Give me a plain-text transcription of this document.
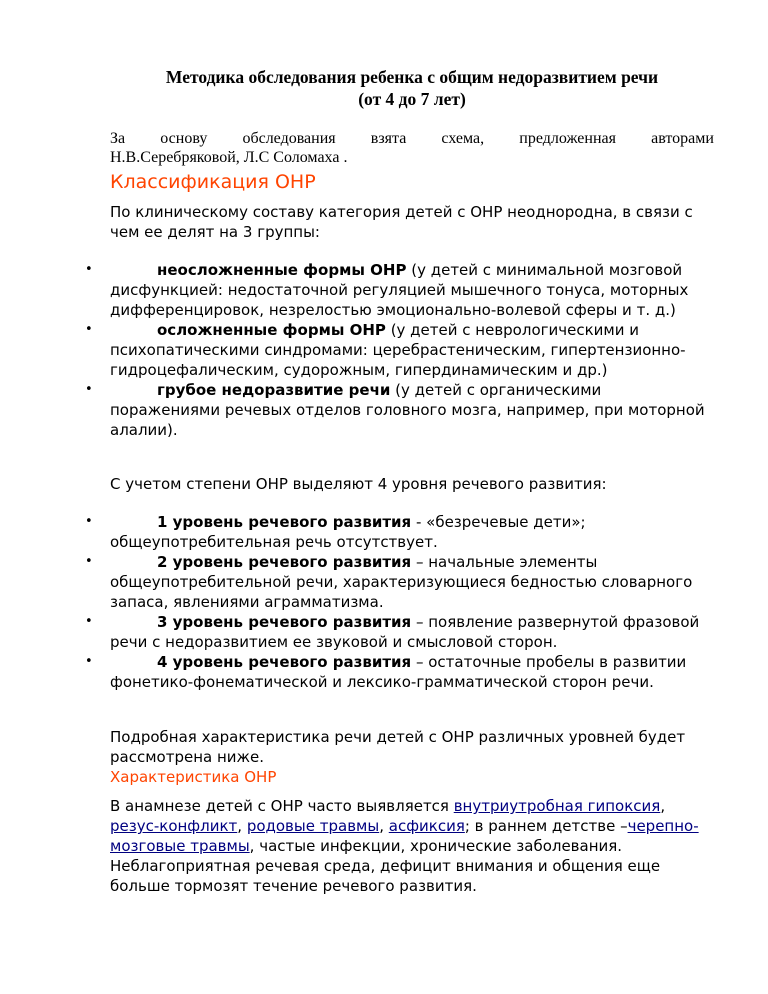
Методика обследования ребенка с общим недоразвитием речи
(от 4 до 7 лет)
За основу обследования взята схема, предложенная авторами
Н.В.Серебряковой, Л.С Соломаха .
Классификация ОНР
По клиническому составу категория детей с ОНР неоднородна, в связи с чем ее делят на 3 группы:
•	неосложненные формы ОНР (у детей с минимальной мозговой дисфункцией: недостаточной регуляцией мышечного тонуса, моторных дифференцировок, незрелостью эмоционально-волевой сферы и т. д.)
•	осложненные формы ОНР (у детей с неврологическими и психопатическими синдромами: церебрастеническим, гипертензионно-гидроцефалическим, судорожным, гипердинамическим и др.)
•	грубое недоразвитие речи (у детей с органическими поражениями речевых отделов головного мозга, например, при моторной алалии).
С учетом степени ОНР выделяют 4 уровня речевого развития:
•	1 уровень речевого развития - «безречевые дети»; общеупотребительная речь отсутствует.
•	2 уровень речевого развития – начальные элементы общеупотребительной речи, характеризующиеся бедностью словарного запаса, явлениями аграмматизма.
•	3 уровень речевого развития – появление развернутой фразовой речи с недоразвитием ее звуковой и смысловой сторон.
•	4 уровень речевого развития – остаточные пробелы в развитии фонетико-фонематической и лексико-грамматической сторон речи.
Подробная характеристика речи детей с ОНР различных уровней будет рассмотрена ниже.
Характеристика ОНР
В анамнезе детей с ОНР часто выявляется внутриутробная гипоксия, резус-конфликт, родовые травмы, асфиксия; в раннем детстве –черепно-мозговые травмы, частые инфекции, хронические заболевания. Неблагоприятная речевая среда, дефицит внимания и общения еще больше тормозят течение речевого развития.
